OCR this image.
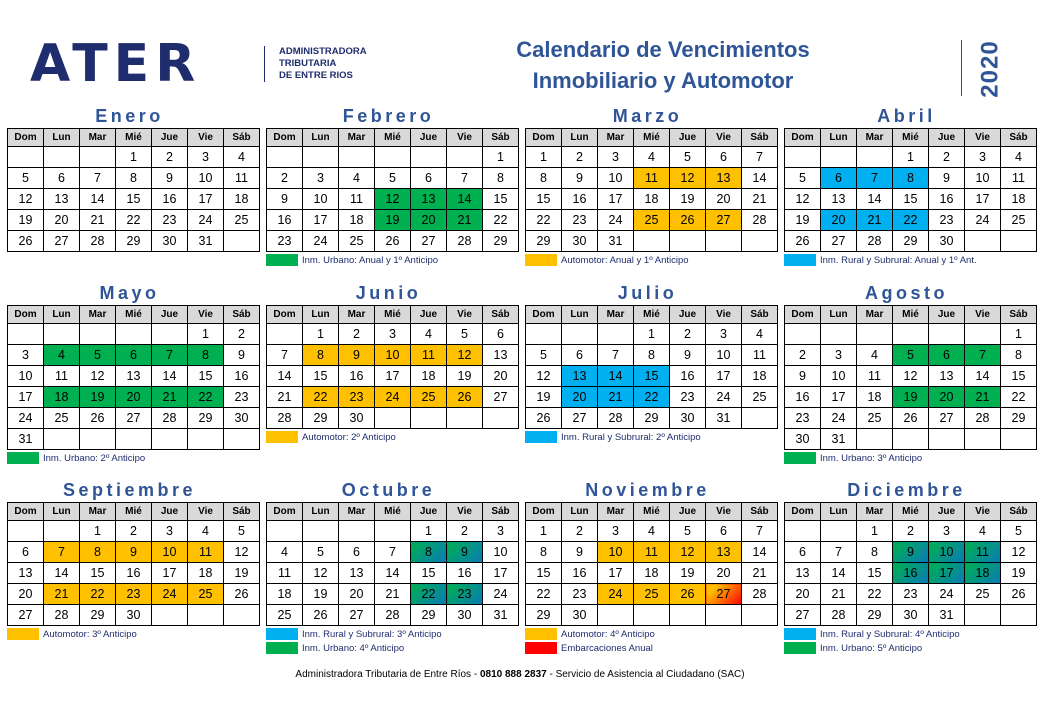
ATER	ADMINISTRADORA
TRIBUTARIA
DE ENTRE RIOS
Calendario de Vencimientos
Inmobiliario y Automotor	2020
Enero
Dom	Lun	Mar	Mié	Jue	Vie	Sáb
			1	2	3	4
5	6	7	8	9	10	11
12	13	14	15	16	17	18
19	20	21	22	23	24	25
26	27	28	29	30	31	
Febrero
Dom	Lun	Mar	Mié	Jue	Vie	Sáb
						1
2	3	4	5	6	7	8
9	10	11	12	13	14	15
16	17	18	19	20	21	22
23	24	25	26	27	28	29
Inm. Urbano: Anual y 1º Anticipo
Marzo
Dom	Lun	Mar	Mié	Jue	Vie	Sáb
1	2	3	4	5	6	7
8	9	10	11	12	13	14
15	16	17	18	19	20	21
22	23	24	25	26	27	28
29	30	31				
Automotor: Anual y 1º Anticipo
Abril
Dom	Lun	Mar	Mié	Jue	Vie	Sáb
			1	2	3	4
5	6	7	8	9	10	11
12	13	14	15	16	17	18
19	20	21	22	23	24	25
26	27	28	29	30		
Inm. Rural y Subrural: Anual y 1º Ant.
Mayo
Dom	Lun	Mar	Mié	Jue	Vie	Sáb
					1	2
3	4	5	6	7	8	9
10	11	12	13	14	15	16
17	18	19	20	21	22	23
24	25	26	27	28	29	30
31						
Inm. Urbano: 2º Anticipo
Junio
Dom	Lun	Mar	Mié	Jue	Vie	Sáb
	1	2	3	4	5	6
7	8	9	10	11	12	13
14	15	16	17	18	19	20
21	22	23	24	25	26	27
28	29	30				
Automotor: 2º Anticipo
Julio
Dom	Lun	Mar	Mié	Jue	Vie	Sáb
			1	2	3	4
5	6	7	8	9	10	11
12	13	14	15	16	17	18
19	20	21	22	23	24	25
26	27	28	29	30	31	
Inm. Rural y Subrural: 2º Anticipo
Agosto
Dom	Lun	Mar	Mié	Jue	Vie	Sáb
						1
2	3	4	5	6	7	8
9	10	11	12	13	14	15
16	17	18	19	20	21	22
23	24	25	26	27	28	29
30	31					
Inm. Urbano: 3º Anticipo
Septiembre
Dom	Lun	Mar	Mié	Jue	Vie	Sáb
		1	2	3	4	5
6	7	8	9	10	11	12
13	14	15	16	17	18	19
20	21	22	23	24	25	26
27	28	29	30			
Automotor: 3º Anticipo
Octubre
Dom	Lun	Mar	Mié	Jue	Vie	Sáb
				1	2	3
4	5	6	7	8	9	10
11	12	13	14	15	16	17
18	19	20	21	22	23	24
25	26	27	28	29	30	31
Inm. Rural y Subrural: 3º Anticipo
Inm. Urbano: 4º Anticipo
Noviembre
Dom	Lun	Mar	Mié	Jue	Vie	Sáb
1	2	3	4	5	6	7
8	9	10	11	12	13	14
15	16	17	18	19	20	21
22	23	24	25	26	27	28
29	30					
Automotor: 4º Anticipo
Embarcaciones Anual
Diciembre
Dom	Lun	Mar	Mié	Jue	Vie	Sáb
		1	2	3	4	5
6	7	8	9	10	11	12
13	14	15	16	17	18	19
20	21	22	23	24	25	26
27	28	29	30	31		
Inm. Rural y Subrural: 4º Anticipo
Inm. Urbano: 5º Anticipo
Administradora Tributaria de Entre Ríos - 0810 888 2837 - Servicio de Asistencia al Ciudadano (SAC)
